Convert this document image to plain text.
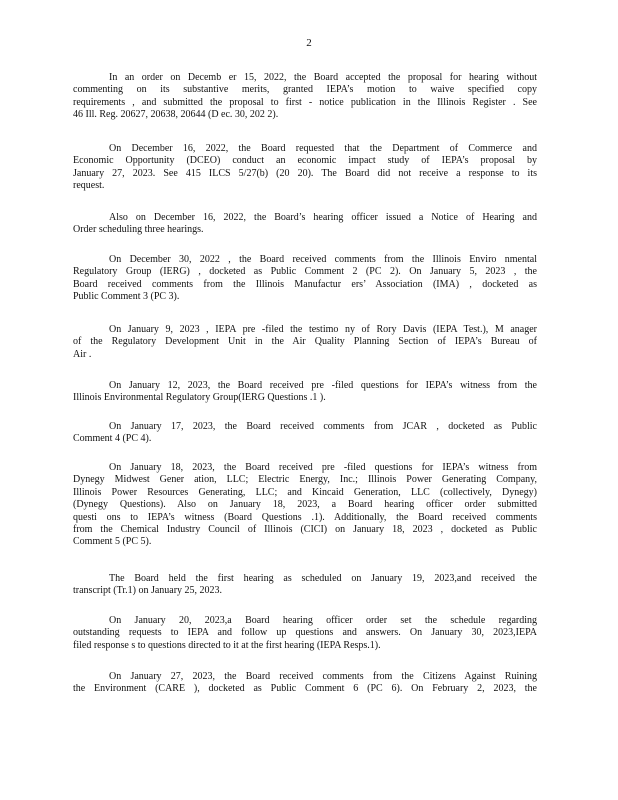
2
In an order on Decemb er 15, 2022, the Board accepted the proposal for hearing without
commenting on its substantive merits, granted IEPA’s motion to waive specified copy
requirements , and submitted the proposal to first - notice publication in the Illinois Register . See
46 Ill. Reg. 20627, 20638, 20644 (D ec. 30, 202 2).
On December 16, 2022, the Board requested that the Department of Commerce and
Economic Opportunity (DCEO) conduct an economic impact study of IEPA’s proposal by
January 27, 2023. See 415 ILCS 5/27(b) (20 20). The Board did not receive a response to its
request.
Also on December 16, 2022, the Board’s hearing officer issued a Notice of Hearing and
Order scheduling three hearings.
On December 30, 2022 , the Board received comments from the Illinois Enviro nmental
Regulatory Group (IERG) , docketed as Public Comment 2 (PC 2). On January 5, 2023 , the
Board received comments from the Illinois Manufactur ers’ Association (IMA) , docketed as
Public Comment 3 (PC 3).
On January 9, 2023 , IEPA pre -filed the testimo ny of Rory Davis (IEPA Test.), M anager
of the Regulatory Development Unit in the Air Quality Planning Section of IEPA’s Bureau of
Air .
On January 12, 2023, the Board received pre -filed questions for IEPA’s witness from the
Illinois Environmental Regulatory Group(IERG Questions .1 ).
On January 17, 2023, the Board received comments from JCAR , docketed as Public
Comment 4 (PC 4).
On January 18, 2023, the Board received pre -filed questions for IEPA’s witness from
Dynegy Midwest Gener ation, LLC; Electric Energy, Inc.; Illinois Power Generating Company,
Illinois Power Resources Generating, LLC; and Kincaid Generation, LLC (collectively, Dynegy)
(Dynegy Questions). Also on January 18, 2023, a Board hearing officer order submitted
questi ons to IEPA’s witness (Board Questions .1). Additionally, the Board received comments
from the Chemical Industry Council of Illinois (CICI) on January 18, 2023 , docketed as Public
Comment 5 (PC 5).
The Board held the first hearing as scheduled on January 19, 2023,and received the
transcript (Tr.1) on January 25, 2023.
On January 20, 2023,a Board hearing officer order set the schedule regarding
outstanding requests to IEPA and follow up questions and answers. On January 30, 2023,IEPA
filed response s to questions directed to it at the first hearing (IEPA Resps.1).
On January 27, 2023, the Board received comments from the Citizens Against Ruining
the Environment (CARE ), docketed as Public Comment 6 (PC 6). On February 2, 2023, the
